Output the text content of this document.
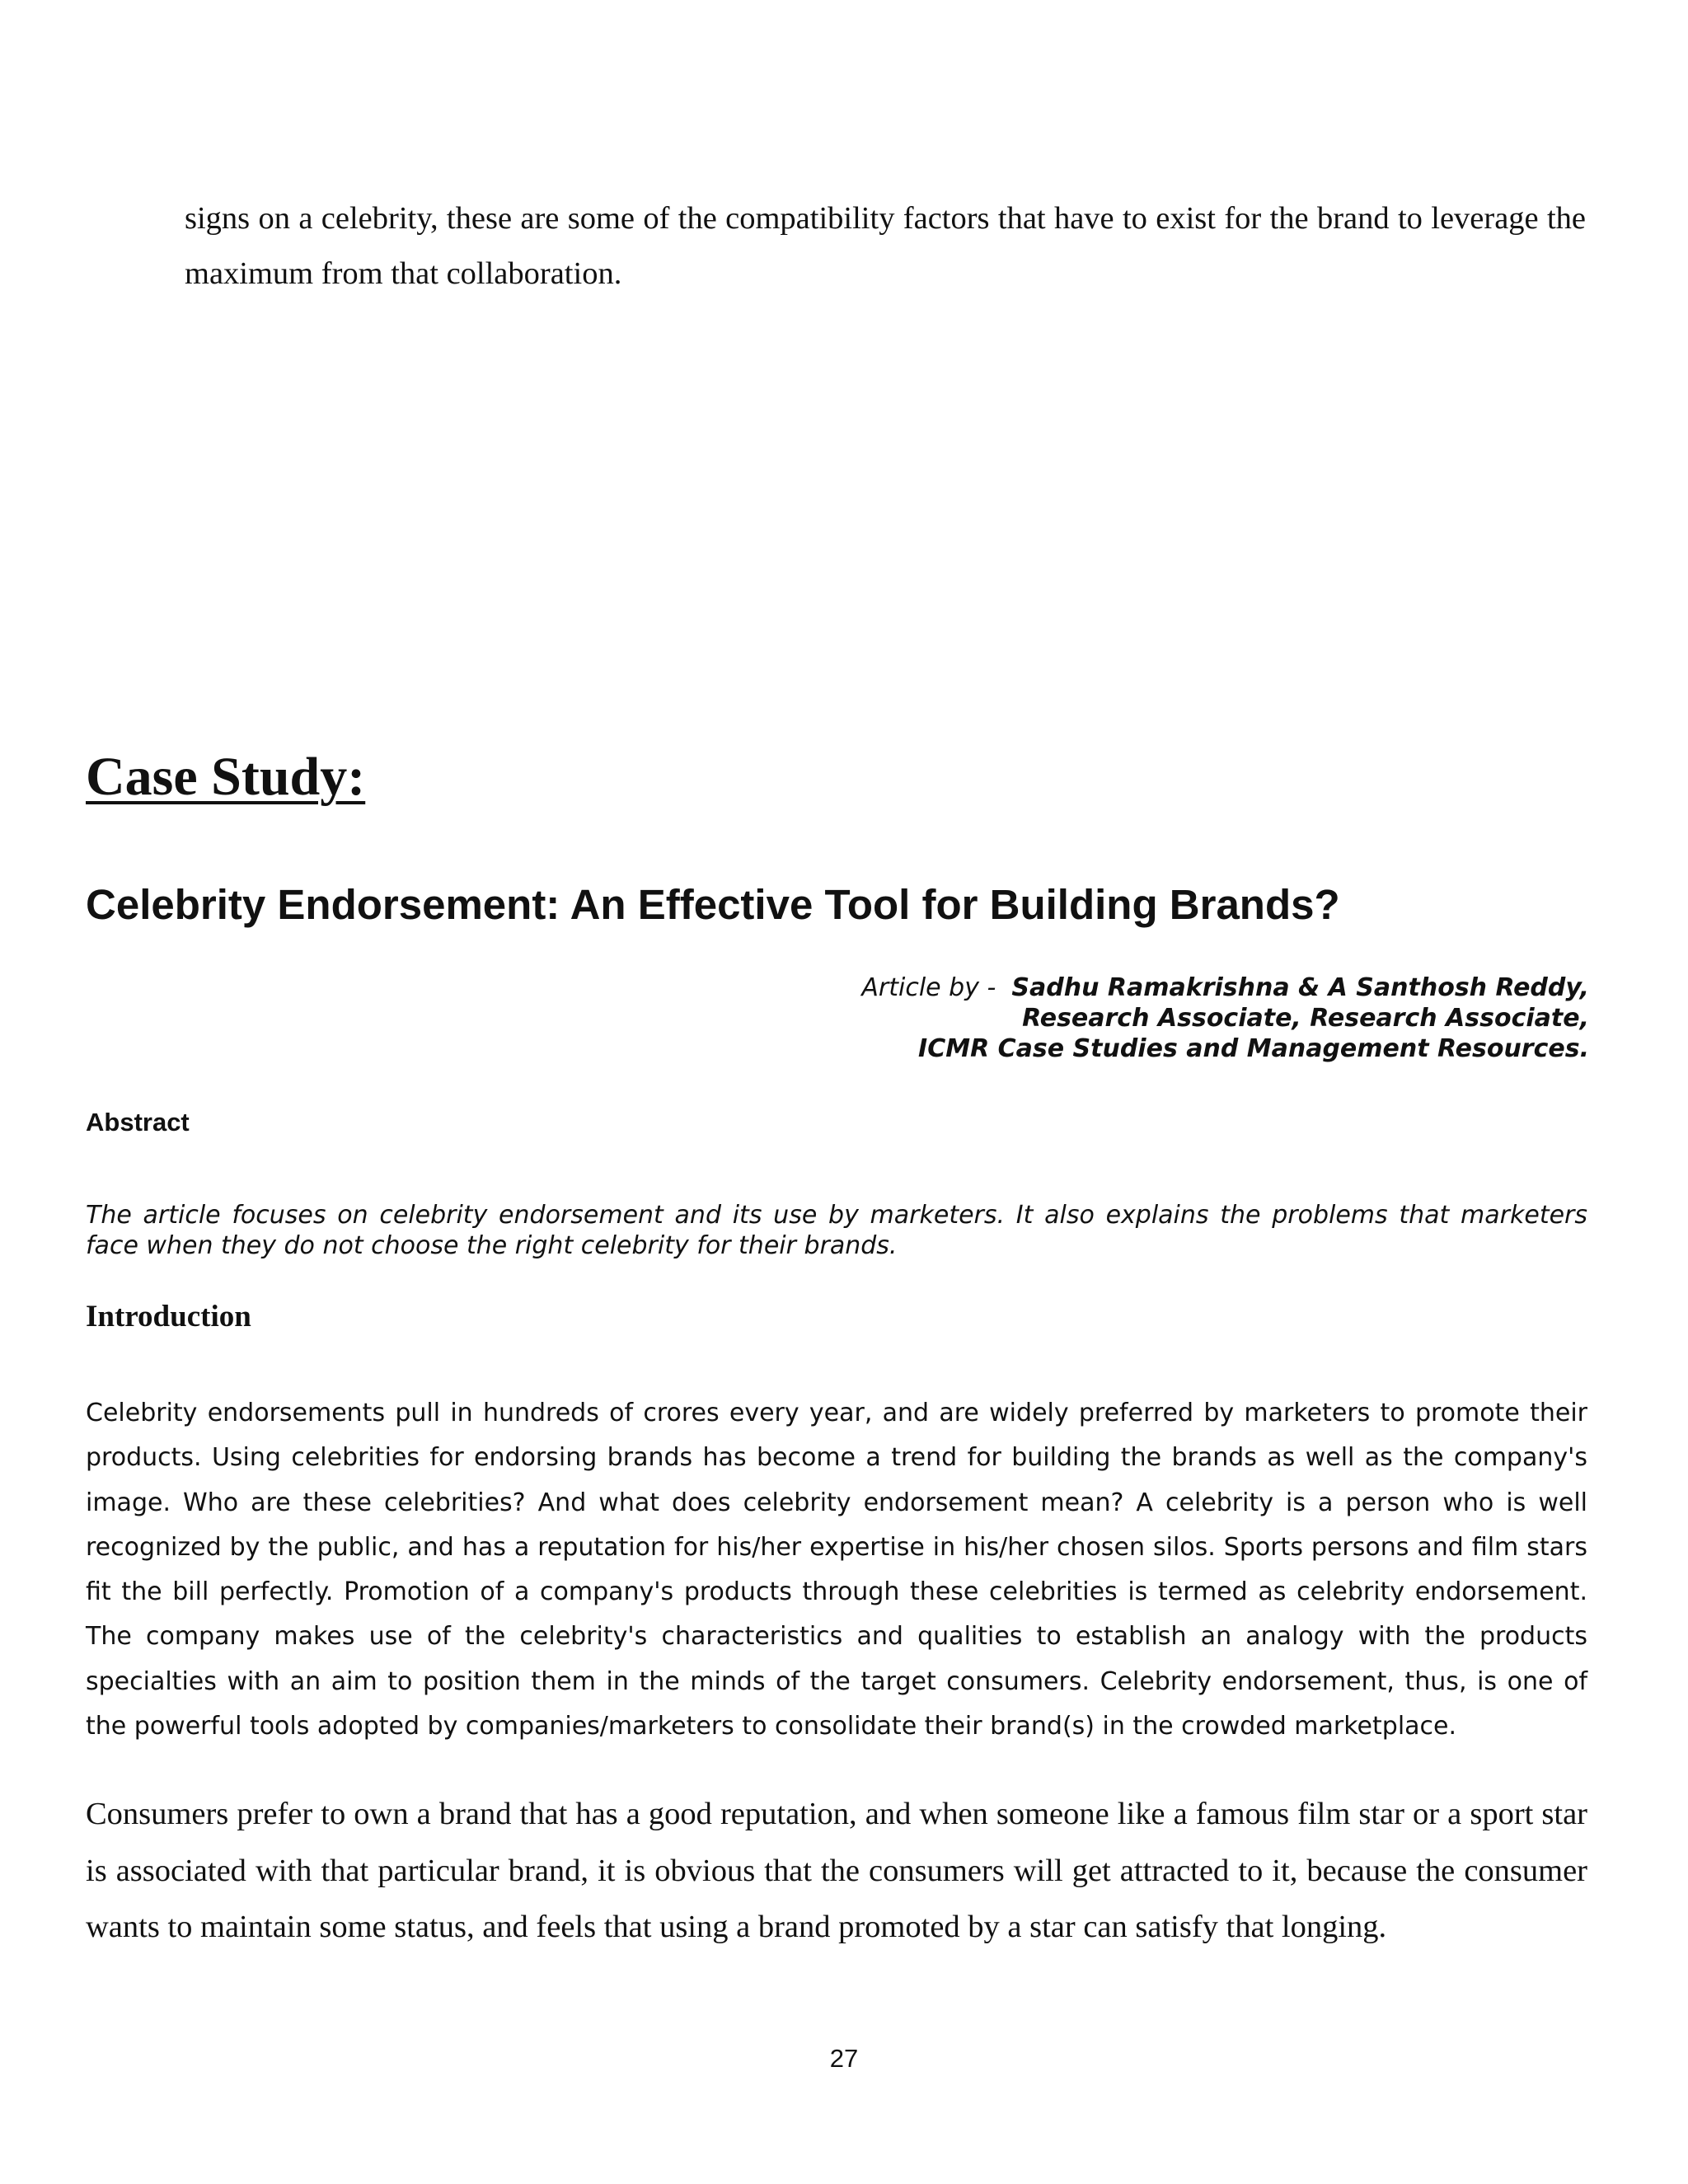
signs on a celebrity, these are some of the compatibility factors that have to exist for the brand to leverage the maximum from that collaboration.

Case Study:
Celebrity Endorsement: An Effective Tool for Building Brands?
Article by - Sadhu Ramakrishna & A Santhosh Reddy,
Research Associate, Research Associate,
ICMR Case Studies and Management Resources.
Abstract

The article focuses on celebrity endorsement and its use by marketers. It also explains the problems that marketers face when they do not choose the right celebrity for their brands.

Introduction

Celebrity endorsements pull in hundreds of crores every year, and are widely preferred by marketers to promote their products. Using celebrities for endorsing brands has become a trend for building the brands as well as the company's image. Who are these celebrities? And what does celebrity endorsement mean? A celebrity is a person who is well recognized by the public, and has a reputation for his/her expertise in his/her chosen silos. Sports persons and film stars fit the bill perfectly. Promotion of a company's products through these celebrities is termed as celebrity endorsement. The company makes use of the celebrity's characteristics and qualities to establish an analogy with the products specialties with an aim to position them in the minds of the target consumers. Celebrity endorsement, thus, is one of the powerful tools adopted by companies/marketers to consolidate their brand(s) in the crowded marketplace.

Consumers prefer to own a brand that has a good reputation, and when someone like a famous film star or a sport star is associated with that particular brand, it is obvious that the consumers will get attracted to it, because the consumer wants to maintain some status, and feels that using a brand promoted by a star can satisfy that longing.

27
